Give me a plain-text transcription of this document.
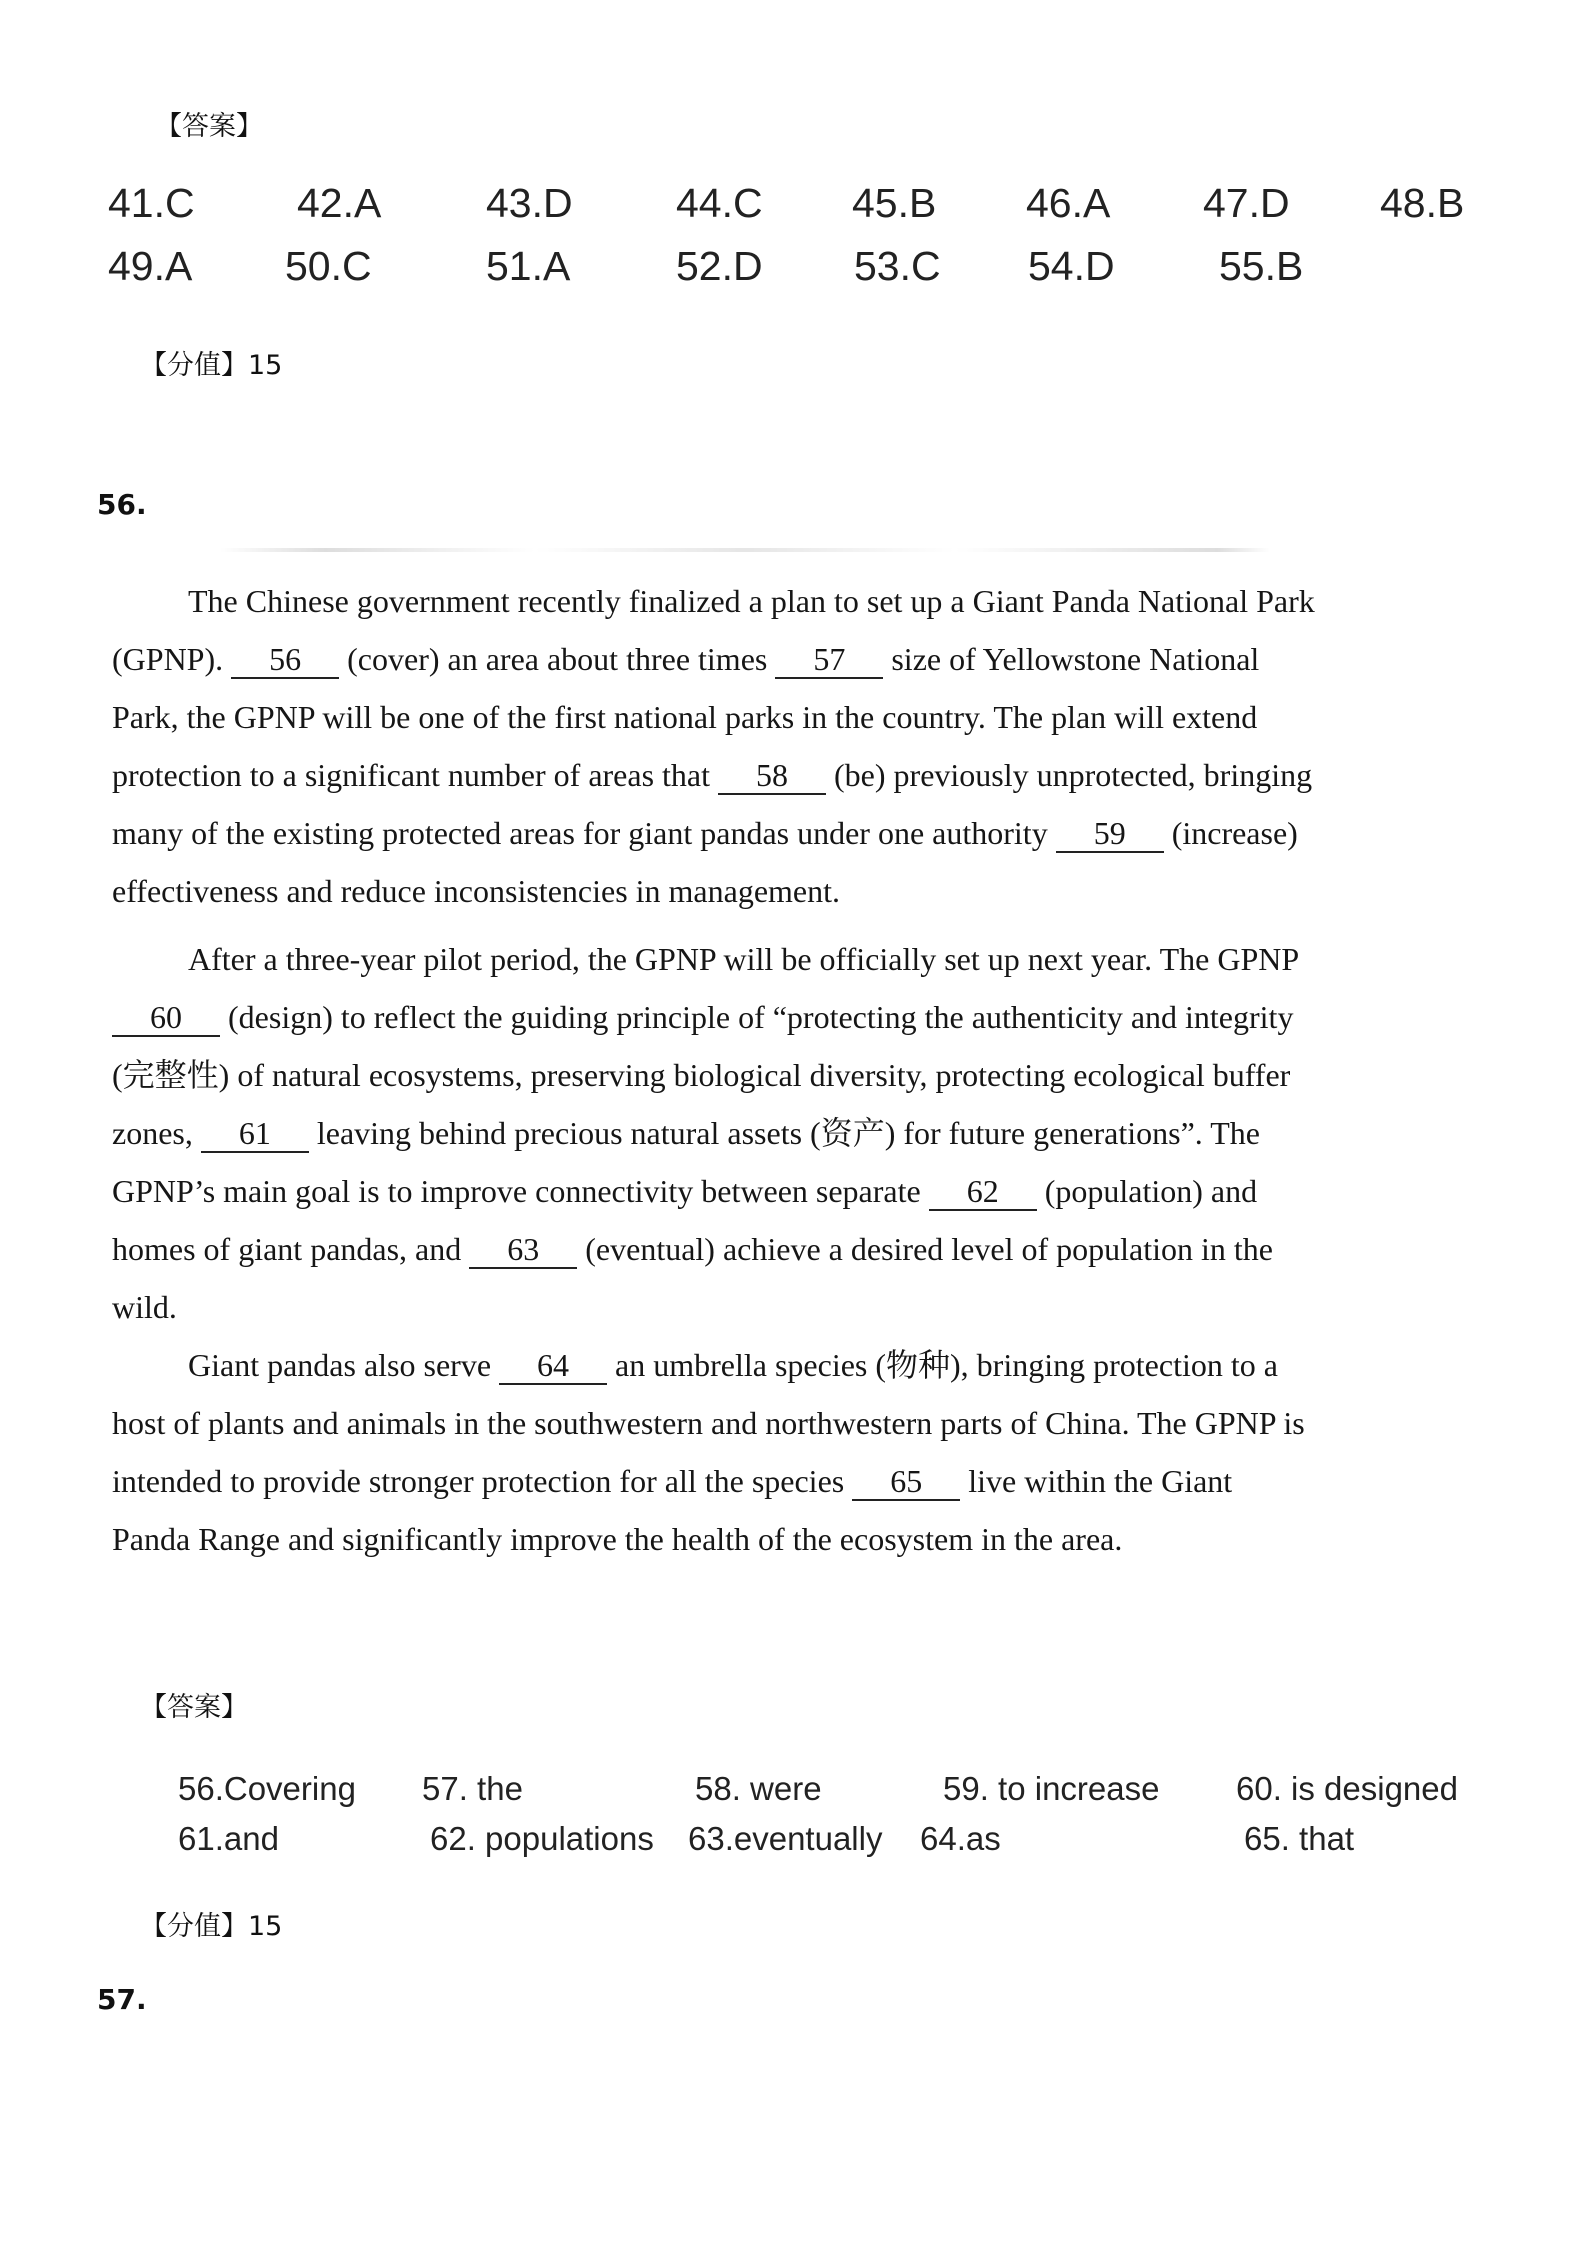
【答案】
41.C 42.A	43.D	44.C 45.B 46.A 47.D 48.B
49.A 50.C	51.A	52.D 53.C 54.D	55.B
【分值】15
56.
The Chinese government recently finalized a plan to set up a Giant Panda National Park
(GPNP). 56 (cover) an area about three times 57 size of Yellowstone National
Park, the GPNP will be one of the first national parks in the country. The plan will extend
protection to a significant number of areas that 58 (be) previously unprotected, bringing
many of the existing protected areas for giant pandas under one authority 59 (increase)
effectiveness and reduce inconsistencies in management.
After a three-year pilot period, the GPNP will be officially set up next year. The GPNP
60 (design) to reflect the guiding principle of “protecting the authenticity and integrity
(完整性) of natural ecosystems, preserving biological diversity, protecting ecological buffer
zones, 61 leaving behind precious natural assets (资产) for future generations”. The
GPNP’s main goal is to improve connectivity between separate 62 (population) and
homes of giant pandas, and 63 (eventual) achieve a desired level of population in the
wild.
Giant pandas also serve 64 an umbrella species (物种), bringing protection to a
host of plants and animals in the southwestern and northwestern parts of China. The GPNP is
intended to provide stronger protection for all the species 65 live within the Giant
Panda Range and significantly improve the health of the ecosystem in the area.
【答案】
56.Covering 57. the	58. were	59. to increase 60. is designed
61.and	62. populations 63.eventually 64.as	65. that
【分值】15
57.
